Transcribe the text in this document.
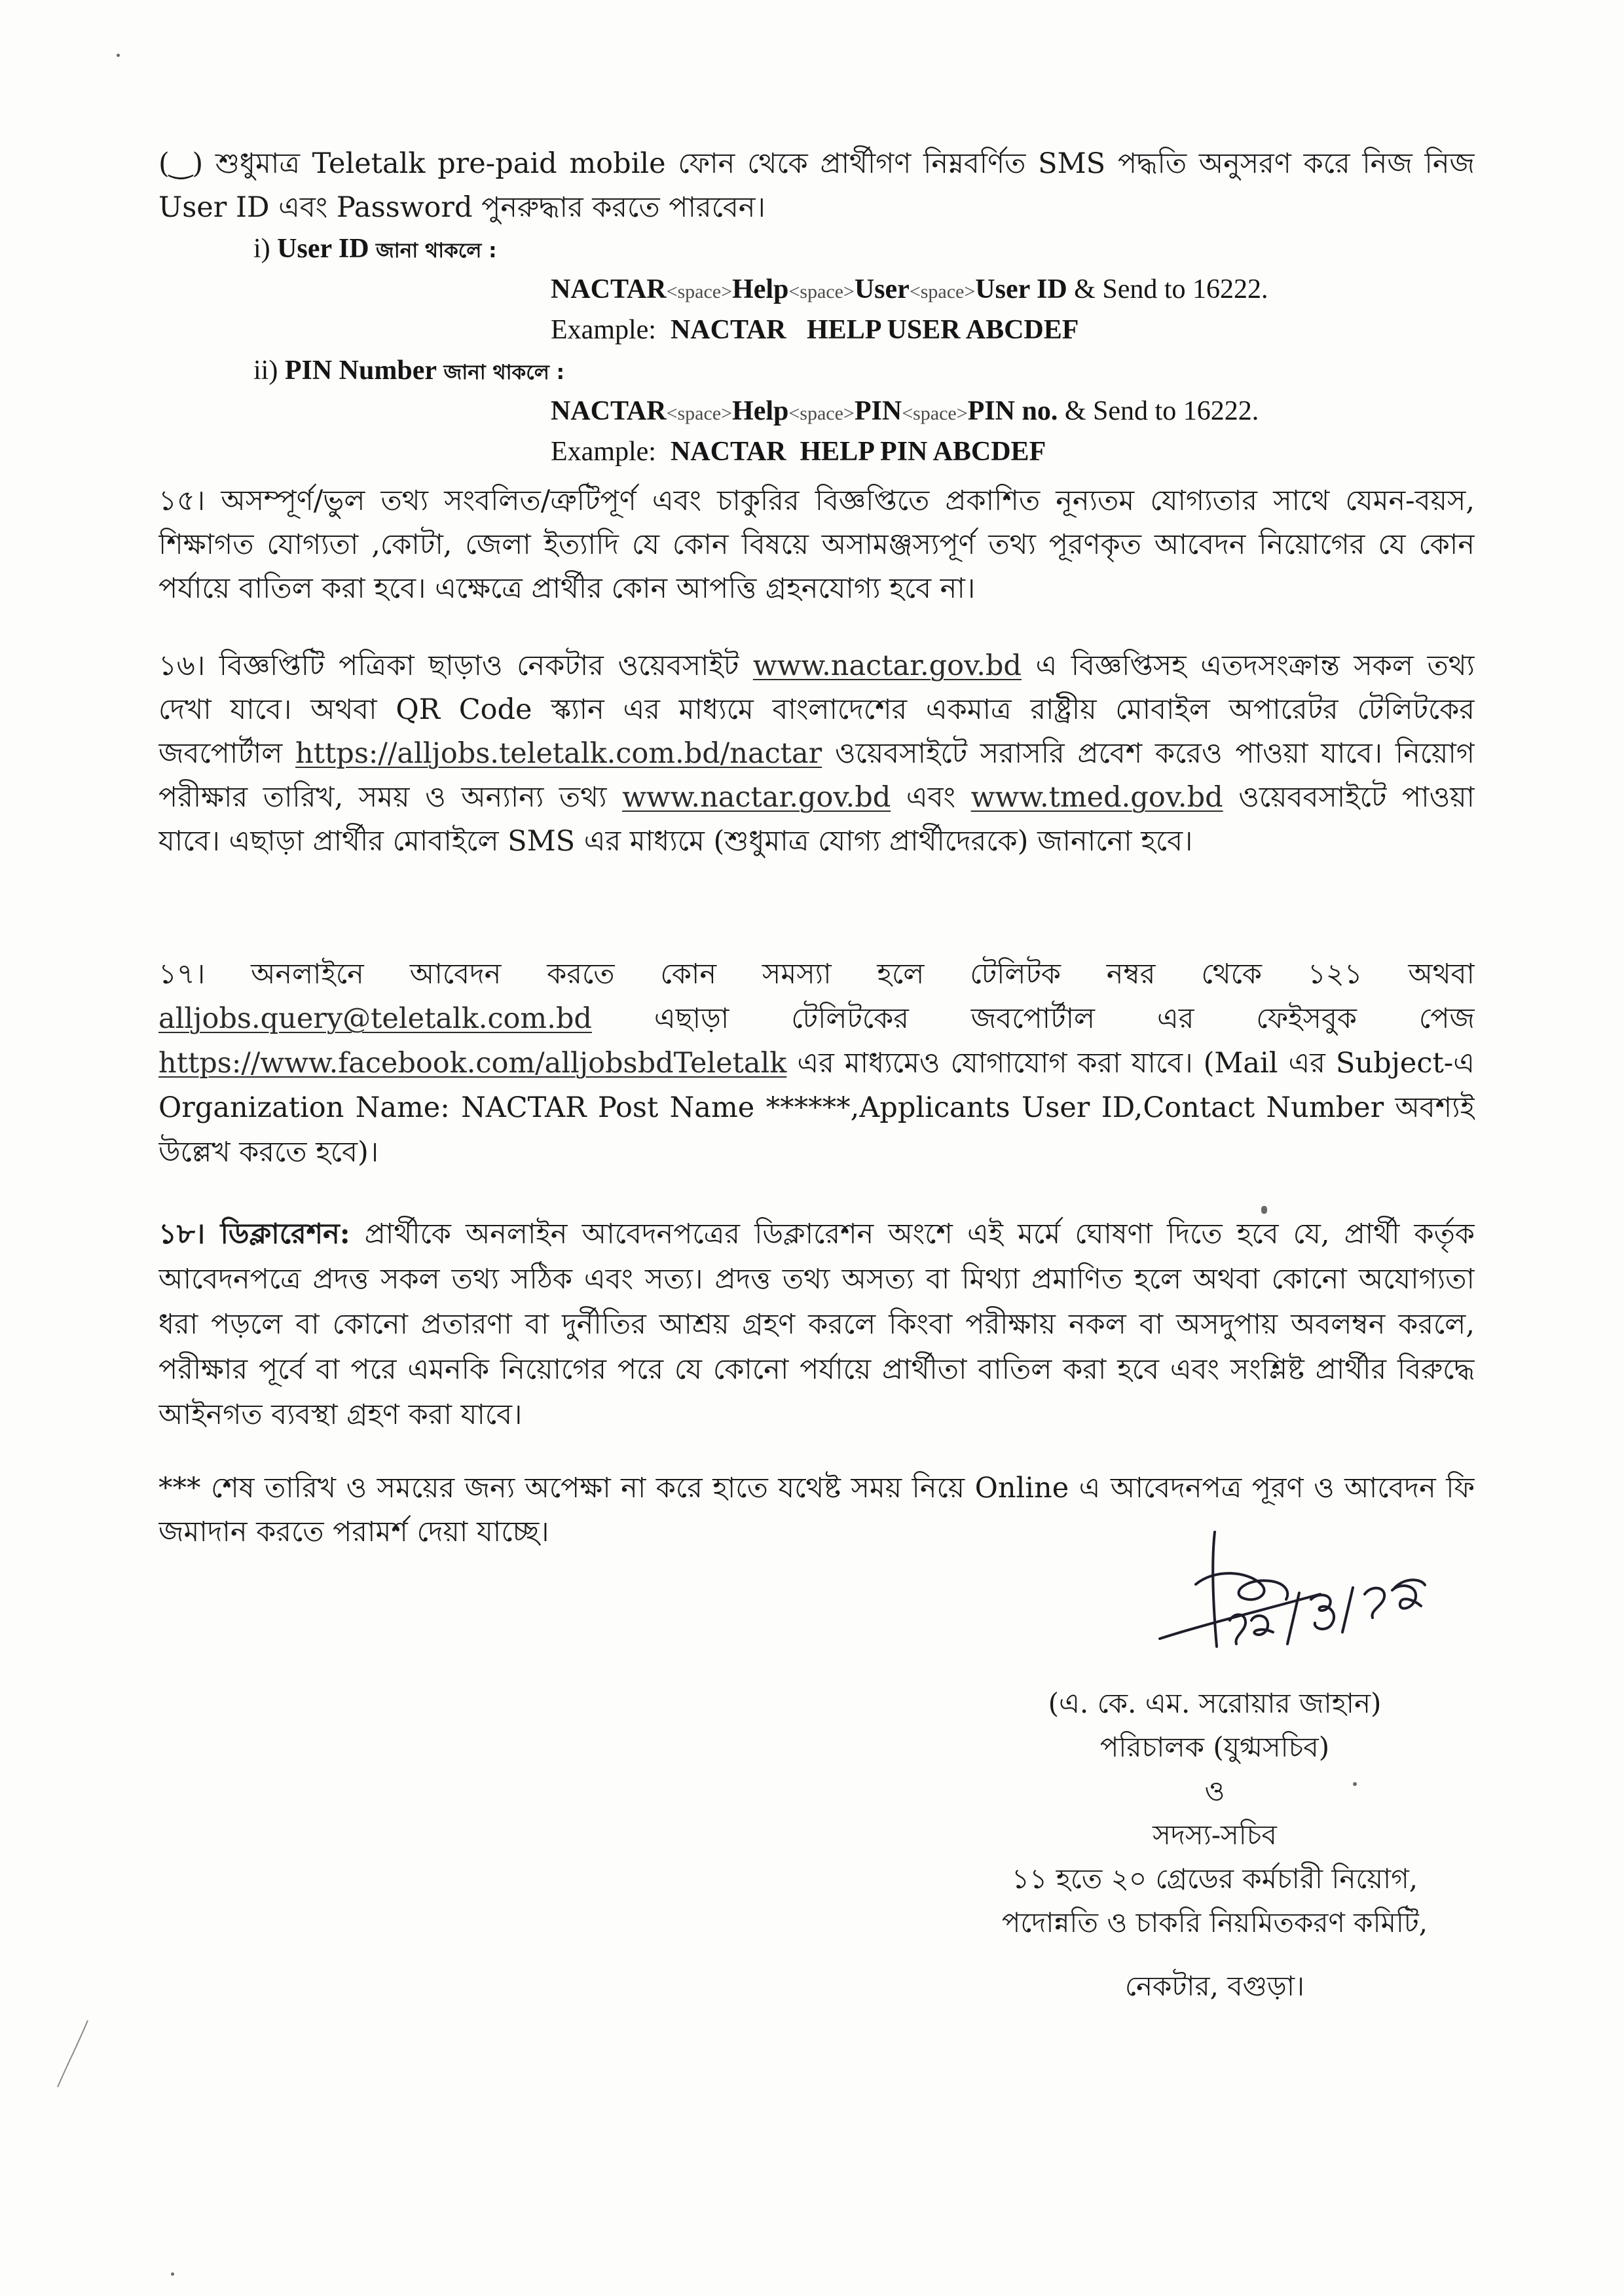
(‿) শুধুমাত্র Teletalk pre-paid mobile ফোন থেকে প্রার্থীগণ নিম্নবর্ণিত SMS পদ্ধতি অনুসরণ করে নিজ নিজ User ID এবং Password পুনরুদ্ধার করতে পারবেন।

i) User ID জানা থাকলে :
NACTAR<space>Help<space>User<space>User ID & Send to 16222.
Example: NACTAR   HELP USER ABCDEF
ii) PIN Number জানা থাকলে :
NACTAR<space>Help<space>PIN<space>PIN no. & Send to 16222.
Example: NACTAR  HELP PIN ABCDEF

১৫। অসম্পূর্ণ/ভুল তথ্য সংবলিত/ত্রুটিপূর্ণ এবং চাকুরির বিজ্ঞপ্তিতে প্রকাশিত নূন্যতম যোগ্যতার সাথে যেমন-বয়স, শিক্ষাগত যোগ্যতা ,কোটা, জেলা ইত্যাদি যে কোন বিষয়ে অসামঞ্জস্যপূর্ণ তথ্য পূরণকৃত আবেদন নিয়োগের যে কোন পর্যায়ে বাতিল করা হবে। এক্ষেত্রে প্রার্থীর কোন আপত্তি গ্রহনযোগ্য হবে না।

১৬। বিজ্ঞপ্তিটি পত্রিকা ছাড়াও নেকটার ওয়েবসাইট www.nactar.gov.bd এ বিজ্ঞপ্তিসহ এতদসংক্রান্ত সকল তথ্য দেখা যাবে। অথবা QR Code স্ক্যান এর মাধ্যমে বাংলাদেশের একমাত্র রাষ্ট্রীয় মোবাইল অপারেটর টেলিটকের জবপোর্টাল https://alljobs.teletalk.com.bd/nactar ওয়েবসাইটে সরাসরি প্রবেশ করেও পাওয়া যাবে। নিয়োগ পরীক্ষার তারিখ, সময় ও অন্যান্য তথ্য www.nactar.gov.bd এবং www.tmed.gov.bd ওয়েববসাইটে পাওয়া যাবে। এছাড়া প্রার্থীর মোবাইলে SMS এর মাধ্যমে (শুধুমাত্র যোগ্য প্রার্থীদেরকে) জানানো হবে।

১৭। অনলাইনে আবেদন করতে কোন সমস্যা হলে টেলিটক নম্বর থেকে ১২১ অথবা alljobs.query@teletalk.com.bd এছাড়া টেলিটকের জবপোর্টাল এর ফেইসবুক পেজ https://www.facebook.com/alljobsbdTeletalk এর মাধ্যমেও যোগাযোগ করা যাবে। (Mail এর Subject-এ Organization Name: NACTAR Post Name ******,Applicants User ID,Contact Number অবশ্যই উল্লেখ করতে হবে)।

১৮। ডিক্লারেশন: প্রার্থীকে অনলাইন আবেদনপত্রের ডিক্লারেশন অংশে এই মর্মে ঘোষণা দিতে হবে যে, প্রার্থী কর্তৃক আবেদনপত্রে প্রদত্ত সকল তথ্য সঠিক এবং সত্য। প্রদত্ত তথ্য অসত্য বা মিথ্যা প্রমাণিত হলে অথবা কোনো অযোগ্যতা ধরা পড়লে বা কোনো প্রতারণা বা দুর্নীতির আশ্রয় গ্রহণ করলে কিংবা পরীক্ষায় নকল বা অসদুপায় অবলম্বন করলে, পরীক্ষার পূর্বে বা পরে এমনকি নিয়োগের পরে যে কোনো পর্যায়ে প্রার্থীতা বাতিল করা হবে এবং সংশ্লিষ্ট প্রার্থীর বিরুদ্ধে আইনগত ব্যবস্থা গ্রহণ করা যাবে।

*** শেষ তারিখ ও সময়ের জন্য অপেক্ষা না করে হাতে যথেষ্ট সময় নিয়ে Online এ আবেদনপত্র পূরণ ও আবেদন ফি জমাদান করতে পরামর্শ দেয়া যাচ্ছে।

(এ. কে. এম. সরোয়ার জাহান)
পরিচালক (যুগ্মসচিব)
ও
সদস্য-সচিব
১১ হতে ২০ গ্রেডের কর্মচারী নিয়োগ,
পদোন্নতি ও চাকরি নিয়মিতকরণ কমিটি,
নেকটার, বগুড়া।
